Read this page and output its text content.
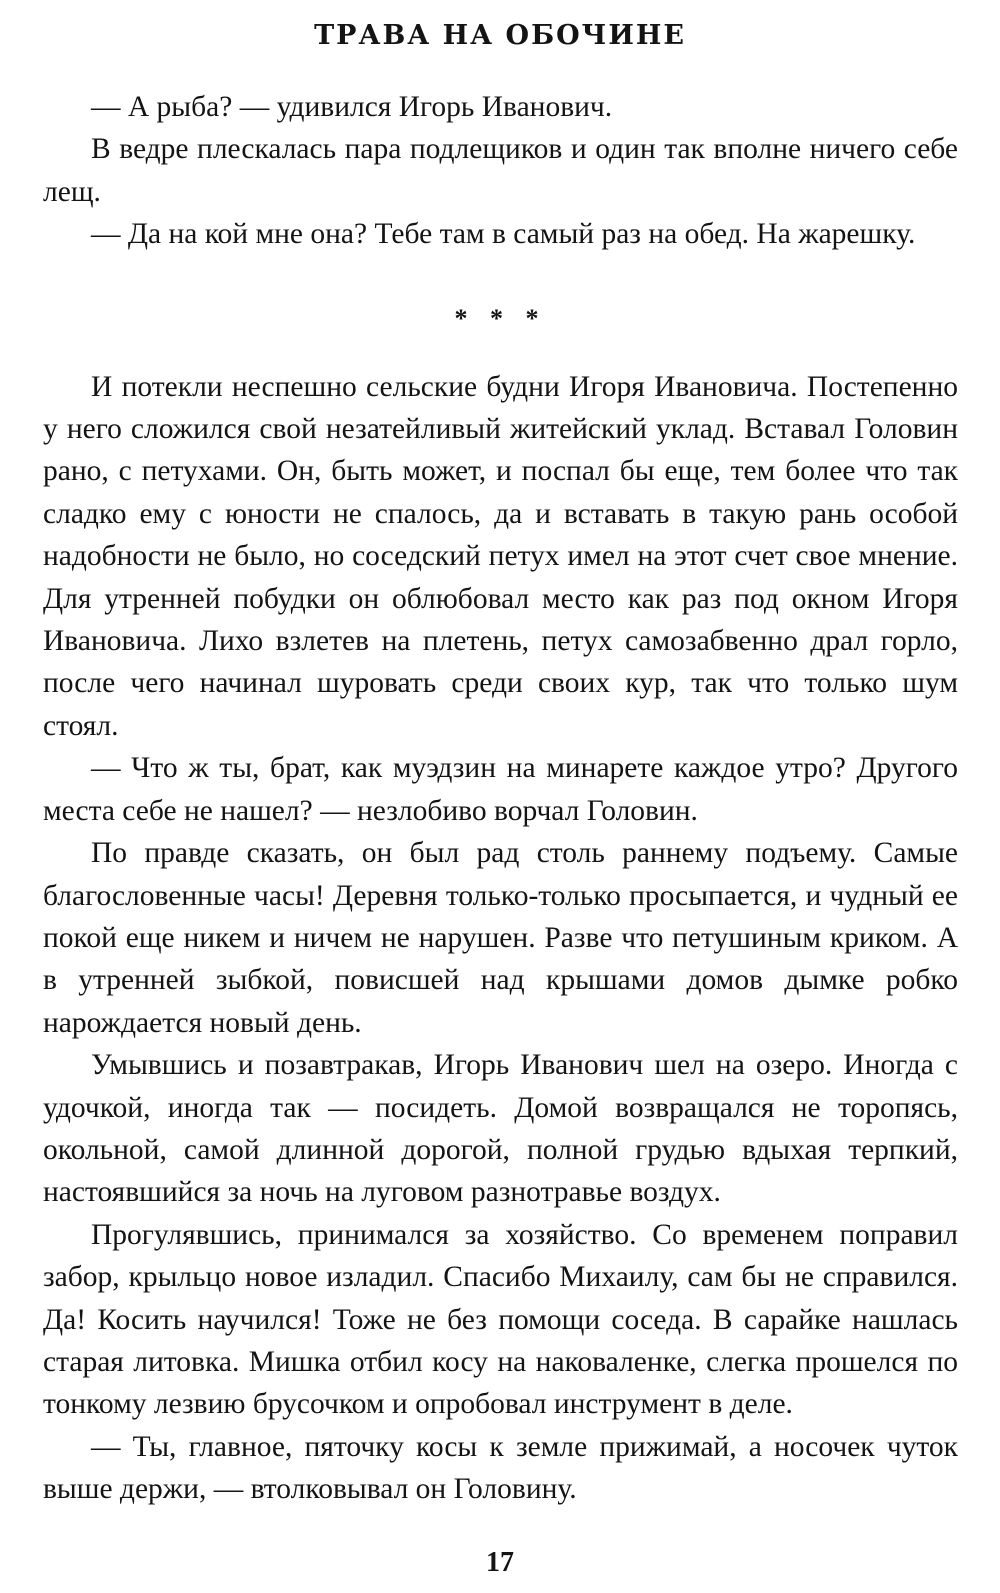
ТРАВА НА ОБОЧИНЕ

— А рыба? — удивился Игорь Иванович.

В ведре плескалась пара подлещиков и один так вполне ничего себе лещ.

— Да на кой мне она? Тебе там в самый раз на обед. На жарешку.

* * *

И потекли неспешно сельские будни Игоря Ивановича. Постепенно у него сложился свой незатейливый житейский уклад. Вставал Головин рано, с петухами. Он, быть может, и поспал бы еще, тем более что так сладко ему с юности не спалось, да и вставать в такую рань особой надобности не было, но соседский петух имел на этот счет свое мнение. Для утренней побудки он облюбовал место как раз под окном Игоря Ивановича. Лихо взлетев на плетень, петух самозабвенно драл горло, после чего начинал шуровать среди своих кур, так что только шум стоял.

— Что ж ты, брат, как муэдзин на минарете каждое утро? Другого места себе не нашел? — незлобиво ворчал Головин.

По правде сказать, он был рад столь раннему подъему. Самые благословенные часы! Деревня только-только просыпается, и чудный ее покой еще никем и ничем не нарушен. Разве что петушиным криком. А в утренней зыбкой, повисшей над крышами домов дымке робко нарождается новый день.

Умывшись и позавтракав, Игорь Иванович шел на озеро. Иногда с удочкой, иногда так — посидеть. Домой возвращался не торопясь, окольной, самой длинной дорогой, полной грудью вдыхая терпкий, настоявшийся за ночь на луговом разнотравье воздух.

Прогулявшись, принимался за хозяйство. Со временем поправил забор, крыльцо новое изладил. Спасибо Михаилу, сам бы не справился. Да! Косить научился! Тоже не без помощи соседа. В сарайке нашлась старая литовка. Мишка отбил косу на наковаленке, слегка прошелся по тонкому лезвию брусочком и опробовал инструмент в деле.

— Ты, главное, пяточку косы к земле прижимай, а носочек чуток выше держи, — втолковывал он Головину.

17
